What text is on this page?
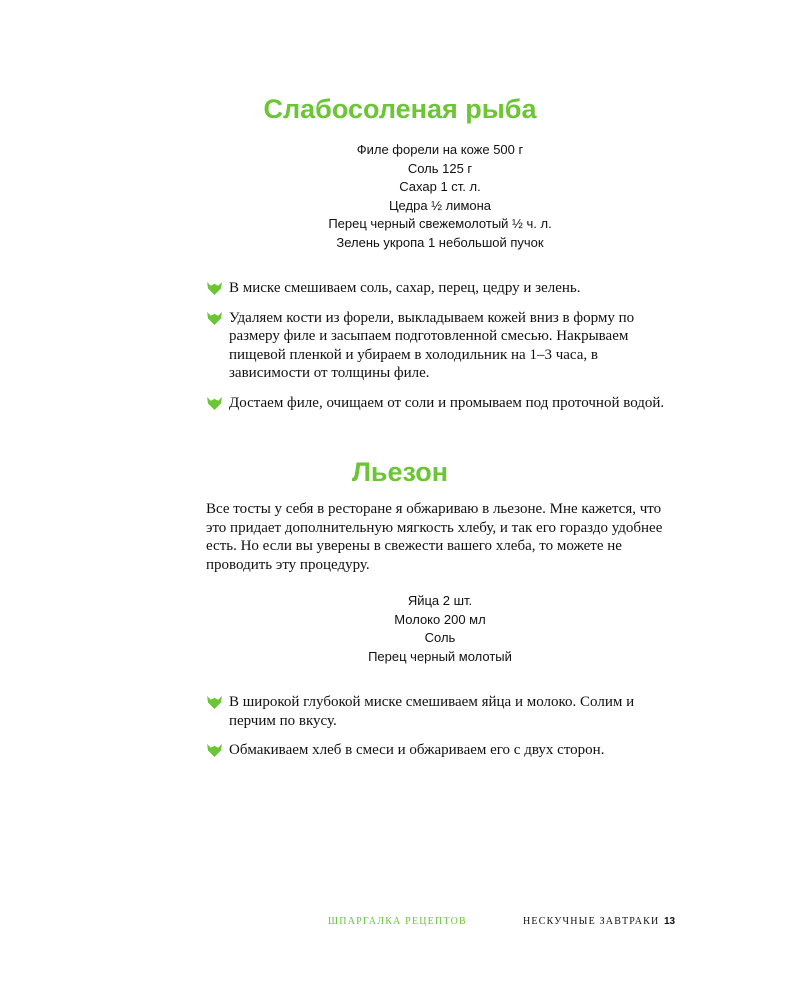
Слабосоленая рыба
Филе форели на коже 500 г
Соль 125 г
Сахар 1 ст. л.
Цедра ½ лимона
Перец черный свежемолотый ½ ч. л.
Зелень укропа 1 небольшой пучок
В миске смешиваем соль, сахар, перец, цедру и зелень.
Удаляем кости из форели, выкладываем кожей вниз в форму по размеру филе и засыпаем подготовленной смесью. Накрываем пищевой пленкой и убираем в холодильник на 1–3 часа, в зависимости от толщины филе.
Достаем филе, очищаем от соли и промываем под проточной водой.
Льезон

Все тосты у себя в ресторане я обжариваю в льезоне. Мне кажется, что это придает дополнительную мягкость хлебу, и так его гораздо удобнее есть. Но если вы уверены в свежести вашего хлеба, то можете не проводить эту процедуру.

Яйца 2 шт.
Молоко 200 мл
Соль
Перец черный молотый
В широкой глубокой миске смешиваем яйца и молоко. Солим и перчим по вкусу.
Обмакиваем хлеб в смеси и обжариваем его с двух сторон.
ШПАРГАЛКА РЕЦЕПТОВ	НЕСКУЧНЫЕ ЗАВТРАКИ 13
